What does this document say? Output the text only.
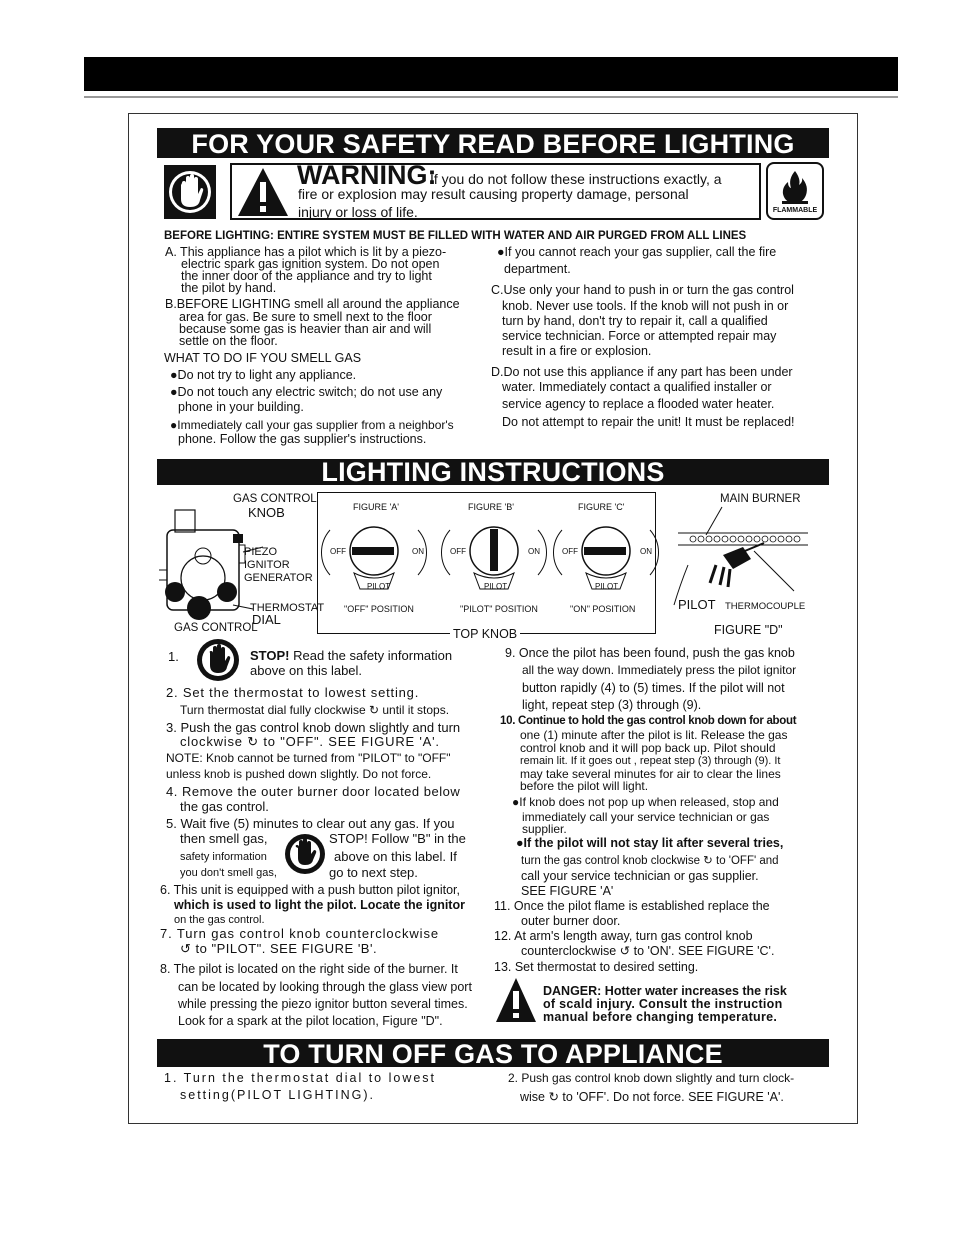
FOR YOUR SAFETY READ BEFORE LIGHTING
WARNING:
If you do not follow these instructions exactly, a
fire or explosion may result causing property damage, personal
injury or loss of life.	FLAMMABLE
BEFORE LIGHTING: ENTIRE SYSTEM MUST BE FILLED WITH WATER AND AIR PURGED FROM ALL LINES
A. This appliance has a pilot which is lit by a piezo-
electric spark gas ignition system. Do not open
the inner door of the appliance and try to light
the pilot by hand.
B.BEFORE LIGHTING smell all around the appliance
area for gas. Be sure to smell next to the floor
because some gas is heavier than air and will
settle on the floor.
WHAT TO DO IF YOU SMELL GAS
●Do not try to light any appliance.
●Do not touch any electric switch; do not use any
phone in your building.
●Immediately call your gas supplier from a neighbor's
phone. Follow the gas supplier's instructions.
●If you cannot reach your gas supplier, call the fire
department.
C.Use only your hand to push in or turn the gas control
knob. Never use tools. If the knob will not push in or
turn by hand, don't try to repair it, call a qualified
service technician. Force or attempted repair may
result in a fire or explosion.
D.Do not use this appliance if any part has been under
water. Immediately contact a qualified installer or
service agency to replace a flooded water heater.
Do not attempt to repair the unit! It must be replaced!
LIGHTING INSTRUCTIONS
GAS CONTROL
KNOB
PIEZO
IGNITOR
GENERATOR
THERMOSTAT
DIAL
GAS CONTROL
FIGURE 'A'	FIGURE 'B'	FIGURE 'C'
OFF	ON
PILOT
OFF	ON
PILOT
OFF	ON
PILOT
"OFF" POSITION	"PILOT" POSITION	"ON" POSITION
TOP KNOB
MAIN BURNER
PILOT THERMOCOUPLE
FIGURE "D"
1.	STOP! Read the safety information
above on this label.
2. Set the thermostat to lowest setting.
Turn thermostat dial fully clockwise ↻ until it stops.
3. Push the gas control knob down slightly and turn
clockwise ↻ to "OFF". SEE FIGURE 'A'.
NOTE: Knob cannot be turned from "PILOT" to "OFF"
unless knob is pushed down slightly. Do not force.
4. Remove the outer burner door located below
the gas control.
5. Wait five (5) minutes to clear out any gas. If you
then smell gas,	STOP! Follow "B" in the
safety information	above on this label. If
you don't smell gas,	go to next step.
6. This unit is equipped with a push button pilot ignitor,
which is used to light the pilot. Locate the ignitor
on the gas control.
7. Turn gas control knob counterclockwise
↺ to "PILOT". SEE FIGURE 'B'.
8. The pilot is located on the right side of the burner. It
can be located by looking through the glass view port
while pressing the piezo ignitor button several times.
Look for a spark at the pilot location, Figure "D".
9. Once the pilot has been found, push the gas knob
all the way down. Immediately press the pilot ignitor
button rapidly (4) to (5) times. If the pilot will not
light, repeat step (3) through (9).
10. Continue to hold the gas control knob down for about
one (1) minute after the pilot is lit. Release the gas
control knob and it will pop back up. Pilot should
remain lit. If it goes out , repeat step (3) through (9). It
may take several minutes for air to clear the lines
before the pilot will light.
●If knob does not pop up when released, stop and
immediately call your service technician or gas
supplier.
●If the pilot will not stay lit after several tries,
turn the gas control knob clockwise ↻ to 'OFF' and
call your service technician or gas supplier.
SEE FIGURE 'A'
11. Once the pilot flame is established replace the
outer burner door.
12. At arm's length away, turn gas control knob
counterclockwise ↺ to 'ON'. SEE FIGURE 'C'.
13. Set thermostat to desired setting.
DANGER: Hotter water increases the risk
of scald injury. Consult the instruction
manual before changing temperature.
TO TURN OFF GAS TO APPLIANCE
1. Turn the thermostat dial to lowest
setting(PILOT LIGHTING).
2. Push gas control knob down slightly and turn clock-
wise ↻ to 'OFF'. Do not force. SEE FIGURE 'A'.
